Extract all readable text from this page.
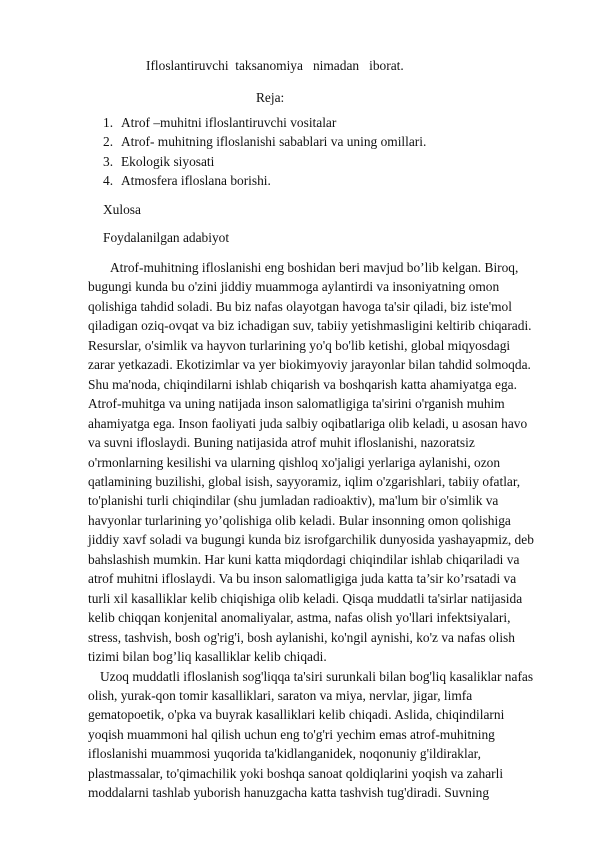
Ifloslantiruvchi  taksanomiya   nimadan   iborat.
Reja:
1. Atrof –muhitni ifloslantiruvchi vositalar
2. Atrof- muhitning ifloslanishi sabablari va uning omillari.
3. Ekologik siyosati
4. Atmosfera ifloslana borishi.
Xulosa
Foydalanilgan adabiyot

Atrof-muhitning ifloslanishi eng boshidan beri mavjud bo’lib kelgan. Biroq,

bugungi kunda bu o'zini jiddiy muammoga aylantirdi va insoniyatning omon

qolishiga tahdid soladi. Bu biz nafas olayotgan havoga ta'sir qiladi, biz iste'mol

qiladigan oziq-ovqat va biz ichadigan suv, tabiiy yetishmasligini keltirib chiqaradi.

Resurslar, o'simlik va hayvon turlarining yo'q bo'lib ketishi, global miqyosdagi

zarar yetkazadi. Ekotizimlar va yer biokimyoviy jarayonlar bilan tahdid solmoqda.

Shu ma'noda, chiqindilarni ishlab chiqarish va boshqarish katta ahamiyatga ega.

Atrof-muhitga va uning natijada inson salomatligiga ta'sirini o'rganish muhim

ahamiyatga ega. Inson faoliyati juda salbiy oqibatlariga olib keladi, u asosan havo

va suvni ifloslaydi. Buning natijasida atrof muhit ifloslanishi, nazoratsiz

o'rmonlarning kesilishi va ularning qishloq xo'jaligi yerlariga aylanishi, ozon

qatlamining buzilishi, global isish, sayyoramiz, iqlim o'zgarishlari, tabiiy ofatlar,

to'planishi turli chiqindilar (shu jumladan radioaktiv), ma'lum bir o'simlik va

havyonlar turlarining yo’qolishiga olib keladi. Bular insonning omon qolishiga

jiddiy xavf soladi va bugungi kunda biz isrofgarchilik dunyosida yashayapmiz, deb

bahslashish mumkin. Har kuni katta miqdordagi chiqindilar ishlab chiqariladi va

atrof muhitni ifloslaydi. Va bu inson salomatligiga juda katta ta’sir ko’rsatadi va

turli xil kasalliklar kelib chiqishiga olib keladi. Qisqa muddatli ta'sirlar natijasida

kelib chiqqan konjenital anomaliyalar, astma, nafas olish yo'llari infektsiyalari,

stress, tashvish, bosh og'rig'i, bosh aylanishi, ko'ngil aynishi, ko'z va nafas olish

tizimi bilan bog’liq kasalliklar kelib chiqadi.

Uzoq muddatli ifloslanish sog'liqqa ta'siri surunkali bilan bog'liq kasaliklar nafas

olish, yurak-qon tomir kasalliklari, saraton va miya, nervlar, jigar, limfa

gematopoetik, o'pka va buyrak kasalliklari kelib chiqadi. Aslida, chiqindilarni

yoqish muammoni hal qilish uchun eng to'g'ri yechim emas atrof-muhitning

ifloslanishi muammosi yuqorida ta'kidlanganidek, noqonuniy g'ildiraklar,

plastmassalar, to'qimachilik yoki boshqa sanoat qoldiqlarini yoqish va zaharli

moddalarni tashlab yuborish hanuzgacha katta tashvish tug'diradi. Suvning
